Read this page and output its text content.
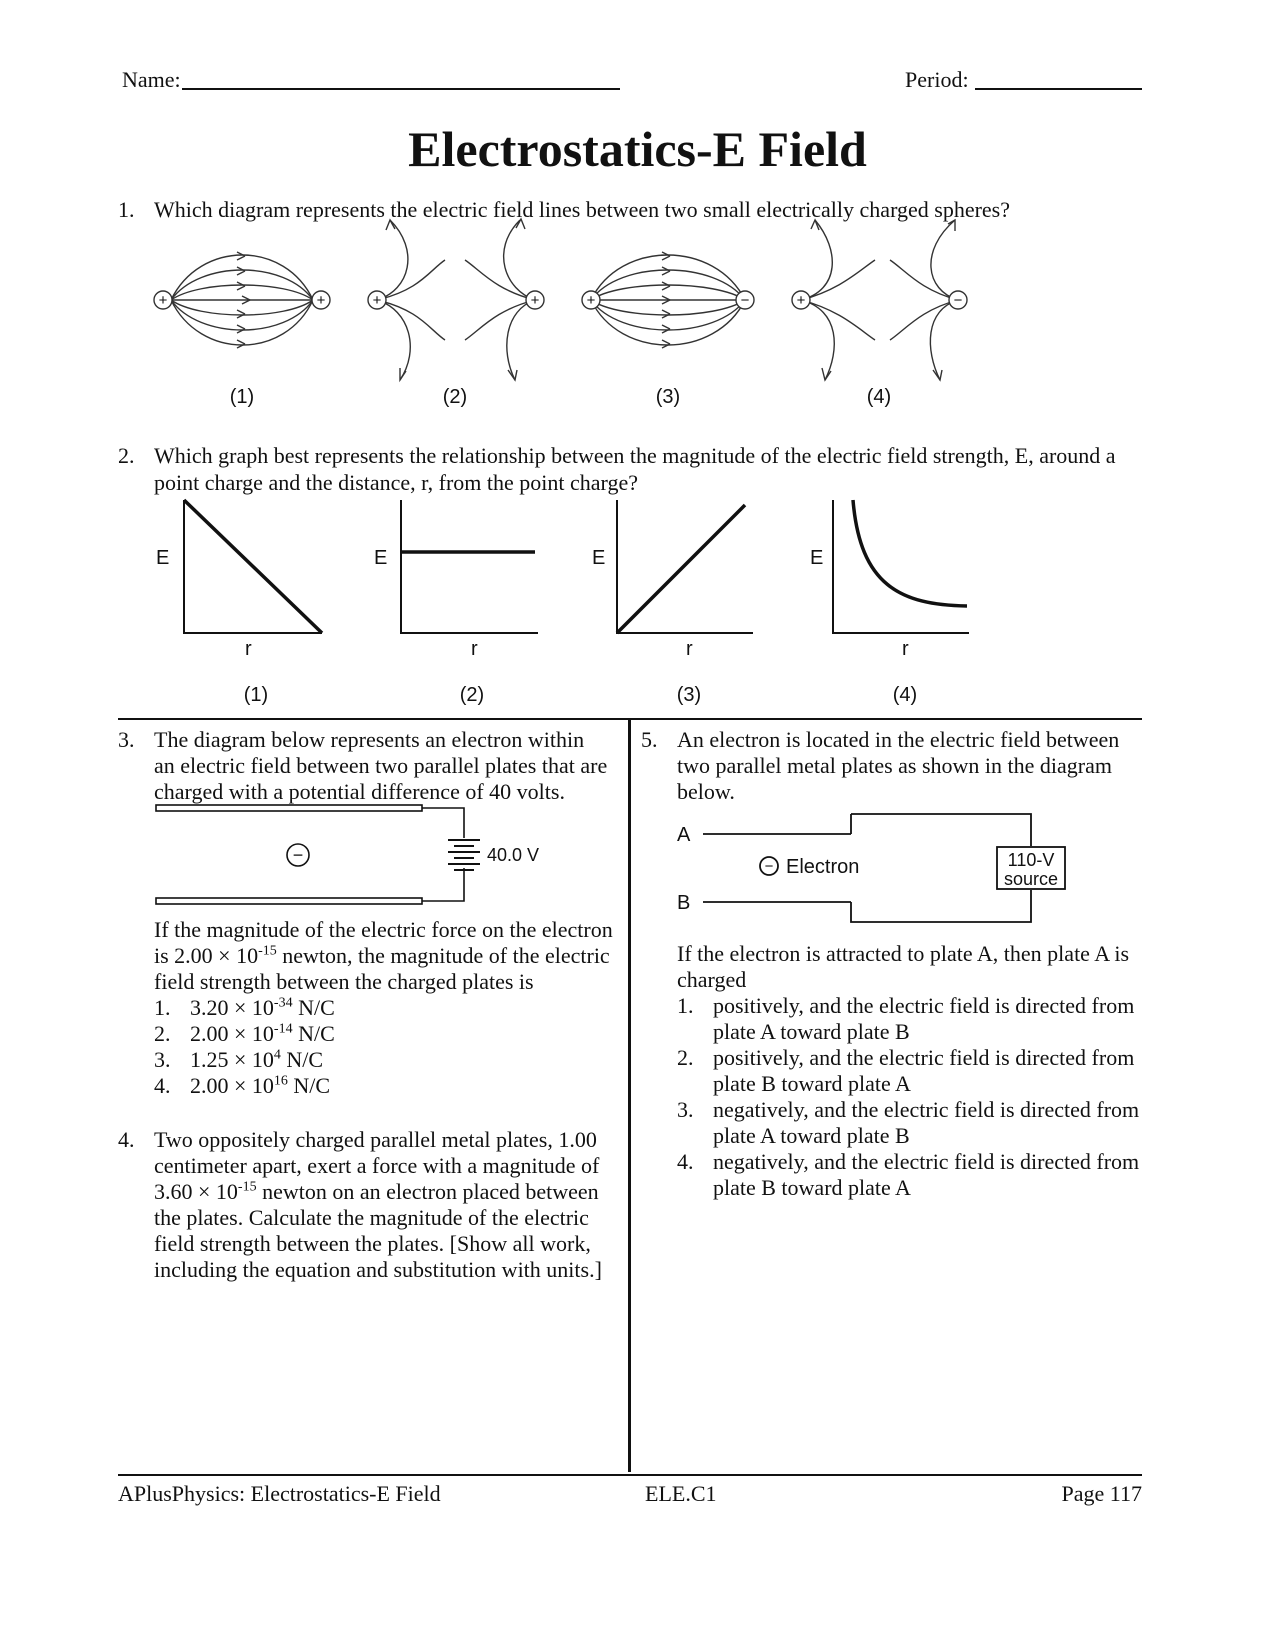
Name:	Period:
Electrostatics-E Field
1. Which diagram represents the electric field lines between two small electrically charged spheres?
+	+	+	+	+	−	+	−
(1)	(2)	(3)	(4)
2. Which graph best represents the relationship between the magnitude of the electric field strength, E, around a
point charge and the distance, r, from the point charge?
E	E	E	E
r	r	r	r
(1)	(2)	(3)	(4)
3. The diagram below represents an electron within
an electric field between two parallel plates that are
charged with a potential difference of 40 volts.
−	40.0 V
If the magnitude of the electric force on the electron
is $2.00 \times 10^{-15}$ newton, the magnitude of the electric
field strength between the charged plates is
1. $3.20 \times 10^{-34}$ N/C
2. $2.00 \times 10^{-14}$ N/C
3. $1.25 \times 10^4$ N/C
4. $2.00 \times 10^{16}$ N/C
4. Two oppositely charged parallel metal plates, 1.00
centimeter apart, exert a force with a magnitude of
$3.60 \times 10^{-15}$ newton on an electron placed between
the plates. Calculate the magnitude of the electric
field strength between the plates. [Show all work,
including the equation and substitution with units.]
5. An electron is located in the electric field between
two parallel metal plates as shown in the diagram
below.
A
B
− Electron	110-V
source
If the electron is attracted to plate A, then plate A is
charged
1. positively, and the electric field is directed from
plate A toward plate B
2. positively, and the electric field is directed from
plate B toward plate A
3. negatively, and the electric field is directed from
plate A toward plate B
4. negatively, and the electric field is directed from
plate B toward plate A
APlusPhysics: Electrostatics-E Field	ELE.C1	Page 117
